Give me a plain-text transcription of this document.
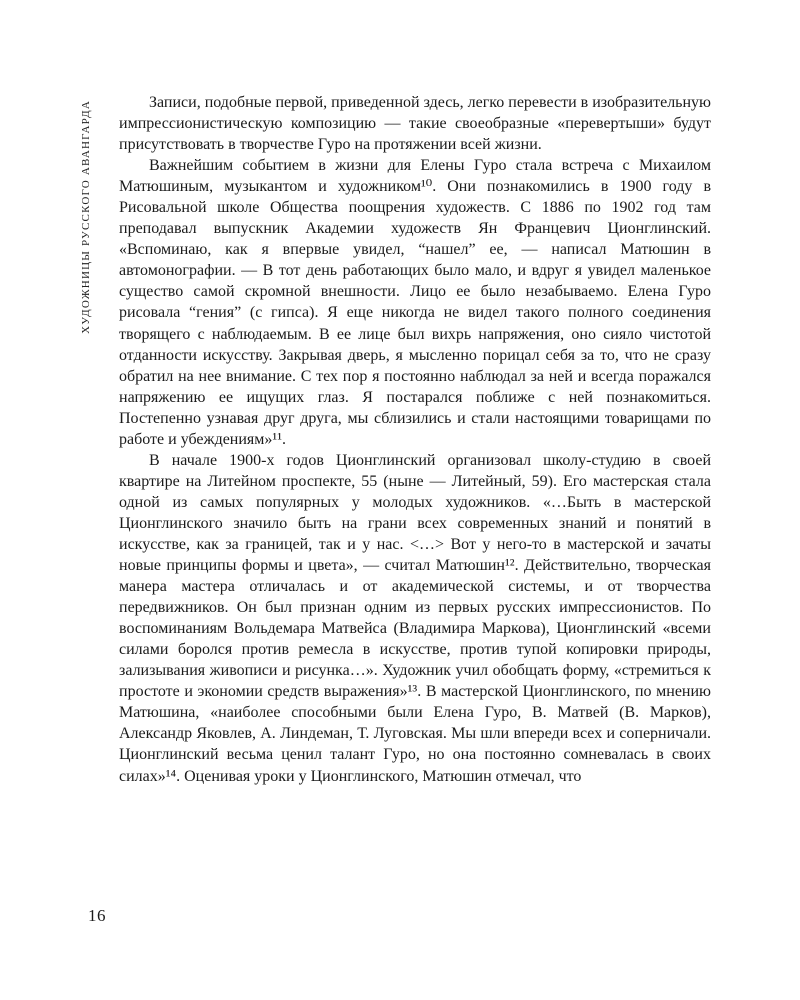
ХУДОЖНИЦЫ РУССКОГО АВАНГАРДА	Записи, подобные первой, приведенной здесь, легко перевести в изобразительную импрессионистическую композицию — такие своеобразные «перевертыши» будут присутствовать в творчестве Гуро на протяжении всей жизни.

Важнейшим событием в жизни для Елены Гуро стала встреча с Михаилом Матюшиным, музыкантом и художником¹⁰. Они познакомились в 1900 году в Рисовальной школе Общества поощрения художеств. С 1886 по 1902 год там преподавал выпускник Академии художеств Ян Францевич Ционглинский. «Вспоминаю, как я впервые увидел, “нашел” ее, — написал Матюшин в автомонографии. — В тот день работающих было мало, и вдруг я увидел маленькое существо самой скромной внешности. Лицо ее было незабываемо. Елена Гуро рисовала “гения” (с гипса). Я еще никогда не видел такого полного соединения творящего с наблюдаемым. В ее лице был вихрь напряжения, оно сияло чистотой отданности искусству. Закрывая дверь, я мысленно порицал себя за то, что не сразу обратил на нее внимание. С тех пор я постоянно наблюдал за ней и всегда поражался напряжению ее ищущих глаз. Я постарался поближе с ней познакомиться. Постепенно узнавая друг друга, мы сблизились и стали настоящими товарищами по работе и убеждениям»¹¹.

В начале 1900-х годов Ционглинский организовал школу-студию в своей квартире на Литейном проспекте, 55 (ныне — Литейный, 59). Его мастерская стала одной из самых популярных у молодых художников. «…Быть в мастерской Ционглинского значило быть на грани всех современных знаний и понятий в искусстве, как за границей, так и у нас. <…> Вот у него-то в мастерской и зачаты новые принципы формы и цвета», — считал Матюшин¹². Действительно, творческая манера мастера отличалась и от академической системы, и от творчества передвижников. Он был признан одним из первых русских импрессионистов. По воспоминаниям Вольдемара Матвейса (Владимира Маркова), Ционглинский «всеми силами боролся против ремесла в искусстве, против тупой копировки природы, зализывания живописи и рисунка…». Художник учил обобщать форму, «стремиться к простоте и экономии средств выражения»¹³. В мастерской Ционглинского, по мнению Матюшина, «наиболее способными были Елена Гуро, В. Матвей (В. Марков), Александр Яковлев, А. Линдеман, Т. Луговская. Мы шли впереди всех и соперничали. Ционглинский весьма ценил талант Гуро, но она постоянно сомневалась в своих силах»¹⁴. Оценивая уроки у Ционглинского, Матюшин отмечал, что

16
